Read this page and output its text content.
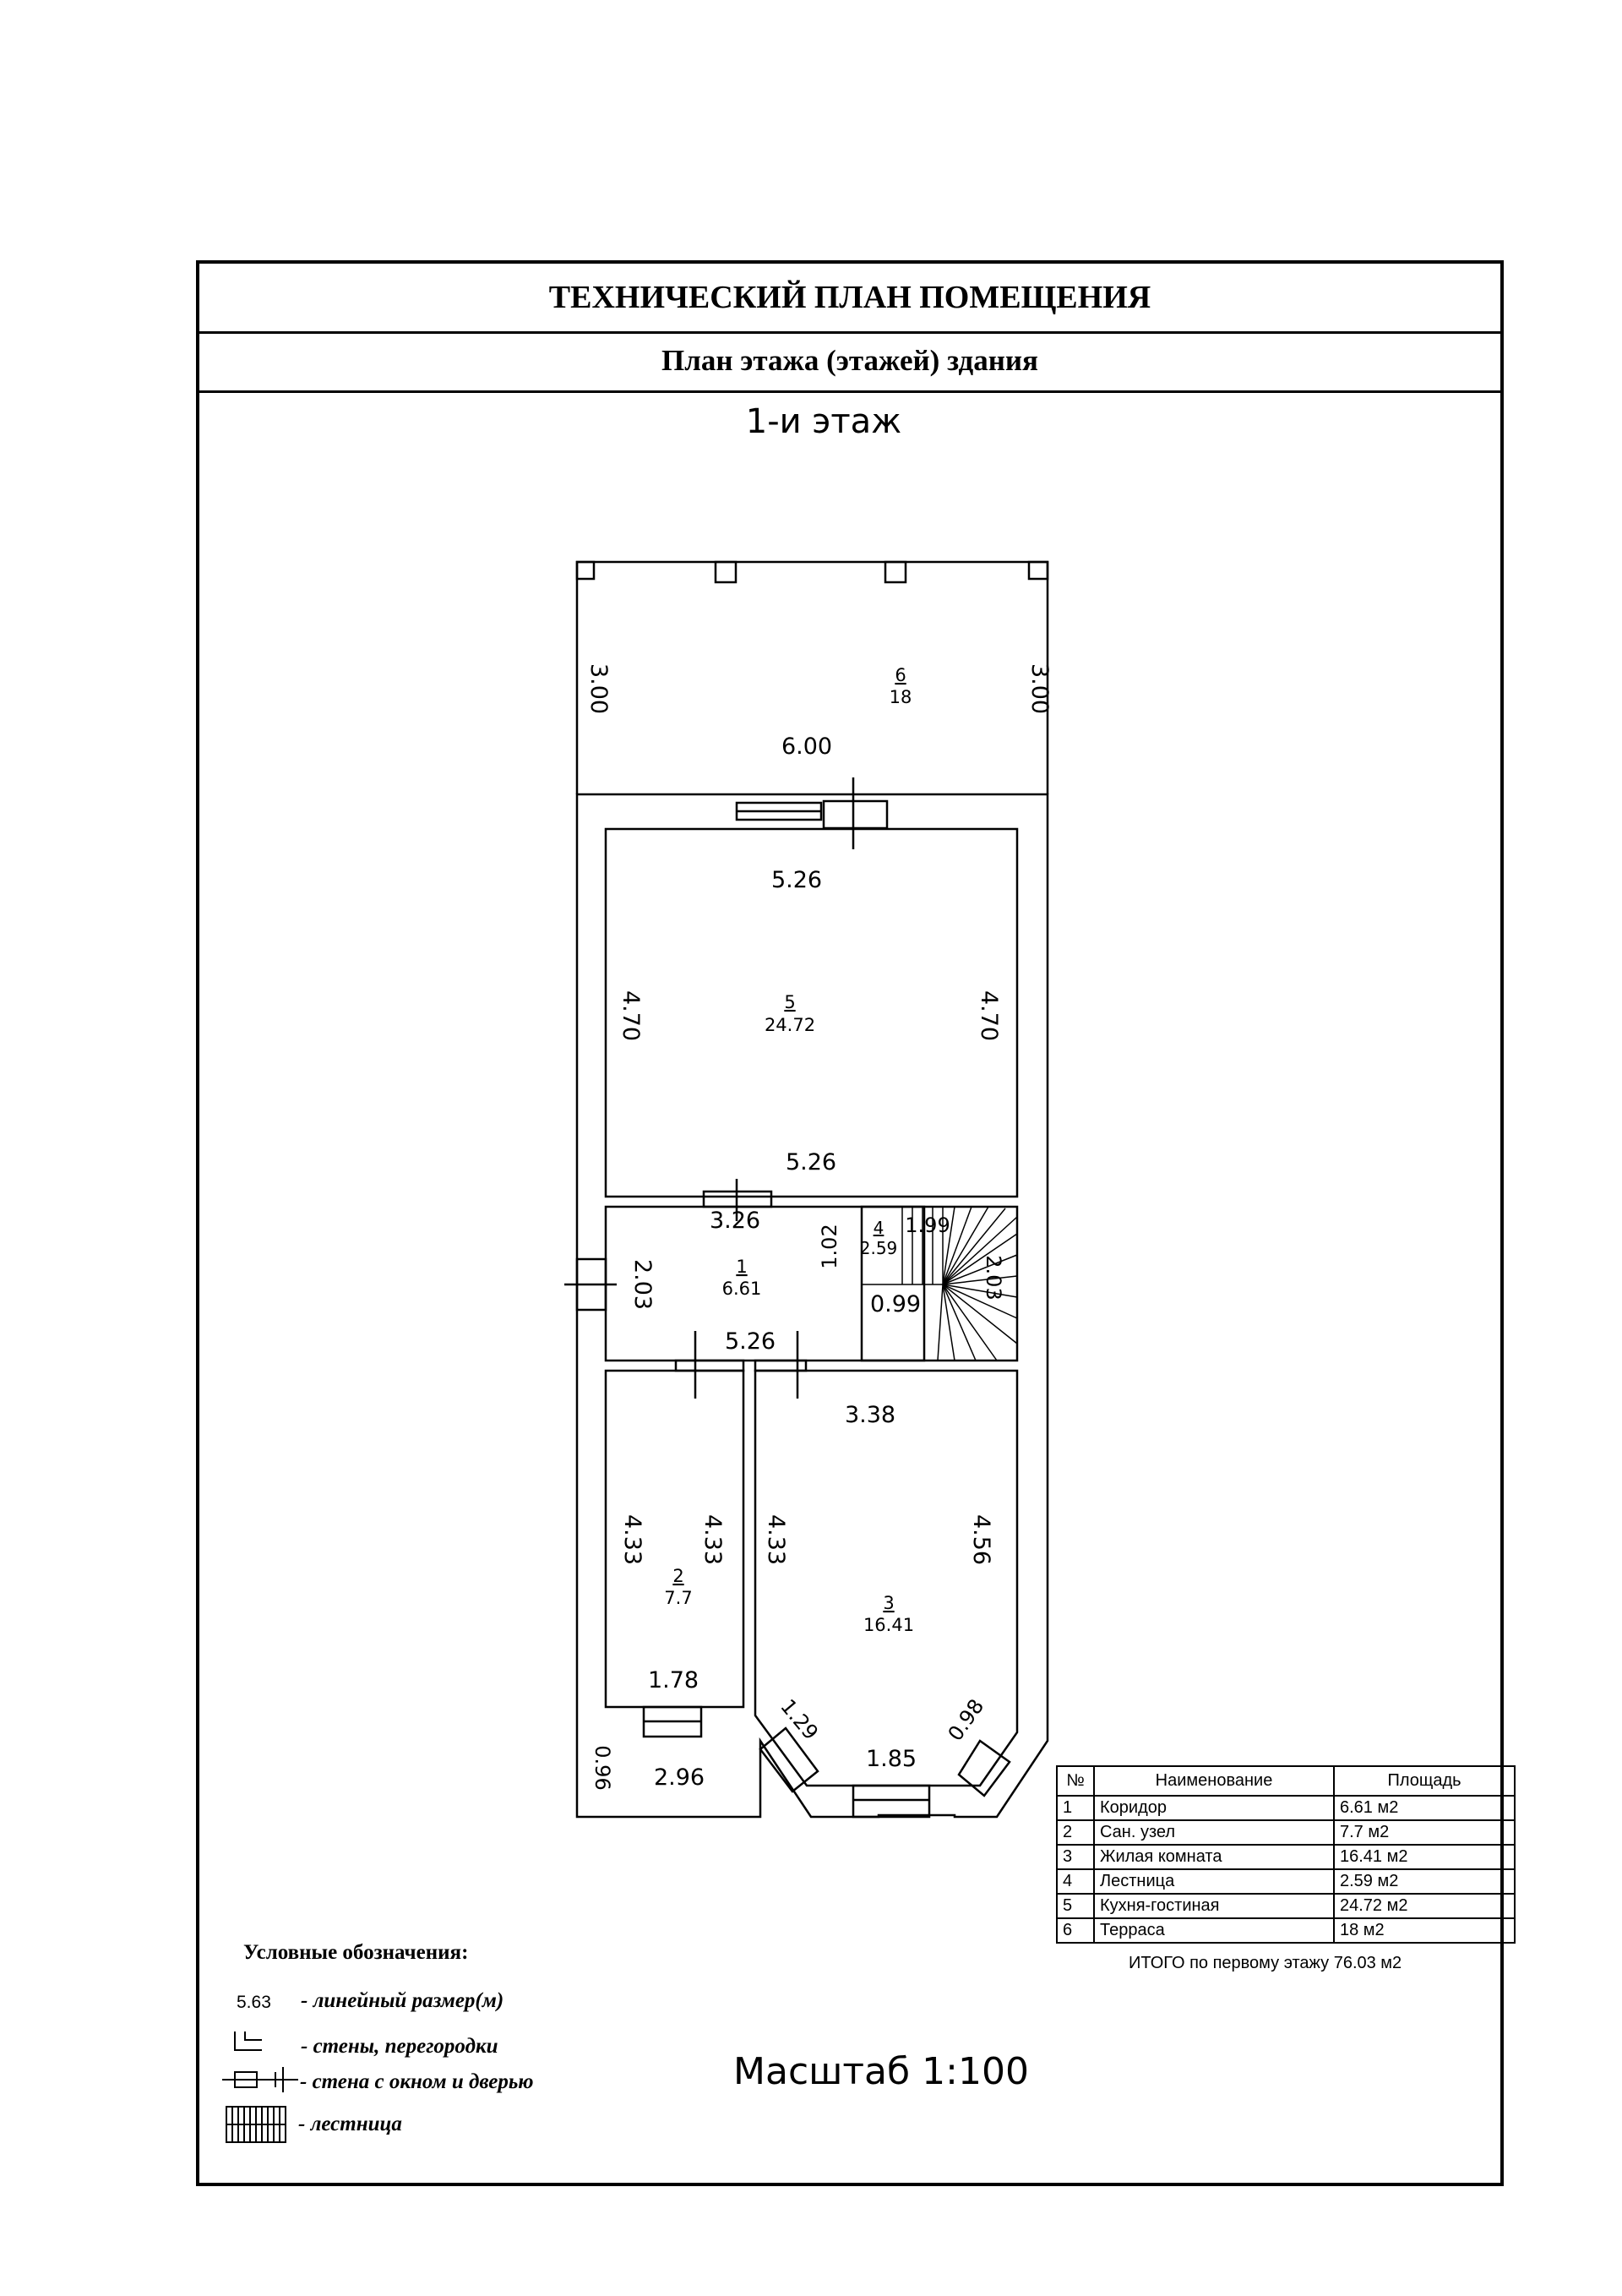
ТЕХНИЧЕСКИЙ ПЛАН ПОМЕЩЕНИЯ
План этажа (этажей) здания
1-и этаж
3.00	3.00
6.00
6
18
5.26
4.70	4.70
5.26
5
24.72
3.26
2.03
5.26
1
6.61
1.02	1.99
2.03
0.99
4
2.59
4.33 4.33
1.78
2
7.7
3.38
4.33	4.56
1.29
1.85
0.98
3
16.41
0.96 2.96
Масштаб 1:100
Условные обозначения:
5.63 - линейный размер(м)
- стены, перегородки
- стена с окном и дверью
- лестница
№	Наименование	Площадь
1	Коридор	6.61 м2
2	Сан. узел	7.7 м2
3	Жилая комната	16.41 м2
4	Лестница	2.59 м2
5	Кухня-гостиная	24.72 м2
6	Терраса	18 м2
ИТОГО по первому этажу 76.03 м2
